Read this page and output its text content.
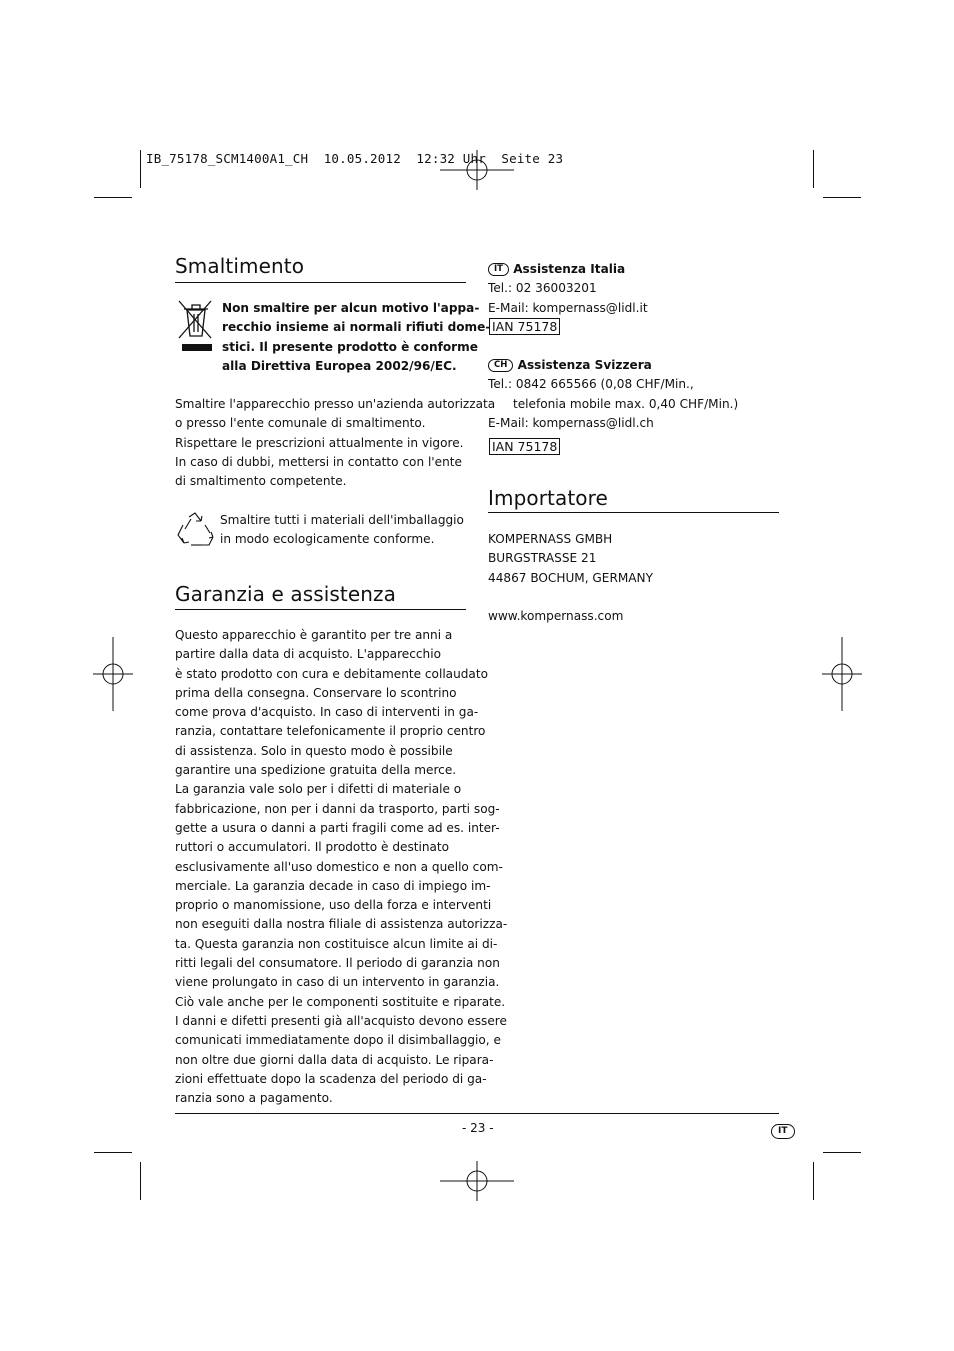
IB_75178_SCM1400A1_CH  10.05.2012  12:32 Uhr  Seite 23
Smaltimento

Non smaltire per alcun motivo l'appa-

recchio insieme ai normali rifiuti dome-

stici. Il presente prodotto è conforme

alla Direttiva Europea 2002/96/EC.

Smaltire l'apparecchio presso un'azienda autorizzata

o presso l'ente comunale di smaltimento.

Rispettare le prescrizioni attualmente in vigore.

In caso di dubbi, mettersi in contatto con l'ente

di smaltimento competente.

Smaltire tutti i materiali dell'imballaggio

in modo ecologicamente conforme.

Garanzia e assistenza

Questo apparecchio è garantito per tre anni a

partire dalla data di acquisto. L'apparecchio

è stato prodotto con cura e debitamente collaudato

prima della consegna. Conservare lo scontrino

come prova d'acquisto. In caso di interventi in ga-

ranzia, contattare telefonicamente il proprio centro

di assistenza. Solo in questo modo è possibile

garantire una spedizione gratuita della merce.

La garanzia vale solo per i difetti di materiale o

fabbricazione, non per i danni da trasporto, parti sog-

gette a usura o danni a parti fragili come ad es. inter-

ruttori o accumulatori. Il prodotto è destinato

esclusivamente all'uso domestico e non a quello com-

merciale. La garanzia decade in caso di impiego im-

proprio o manomissione, uso della forza e interventi

non eseguiti dalla nostra filiale di assistenza autorizza-

ta. Questa garanzia non costituisce alcun limite ai di-

ritti legali del consumatore. Il periodo di garanzia non

viene prolungato in caso di un intervento in garanzia.

Ciò vale anche per le componenti sostituite e riparate.

I danni e difetti presenti già all'acquisto devono essere

comunicati immediatamente dopo il disimballaggio, e

non oltre due giorni dalla data di acquisto. Le ripara-

zioni effettuate dopo la scadenza del periodo di ga-

ranzia sono a pagamento.

IT Assistenza Italia

Tel.: 02 36003201

E-Mail: kompernass@lidl.it

IAN 75178

CH Assistenza Svizzera

Tel.: 0842 665566 (0,08 CHF/Min.,

telefonia mobile max. 0,40 CHF/Min.)

E-Mail: kompernass@lidl.ch

IAN 75178
Importatore

KOMPERNASS GMBH

BURGSTRASSE 21

44867 BOCHUM, GERMANY

www.kompernass.com

- 23 -	IT
